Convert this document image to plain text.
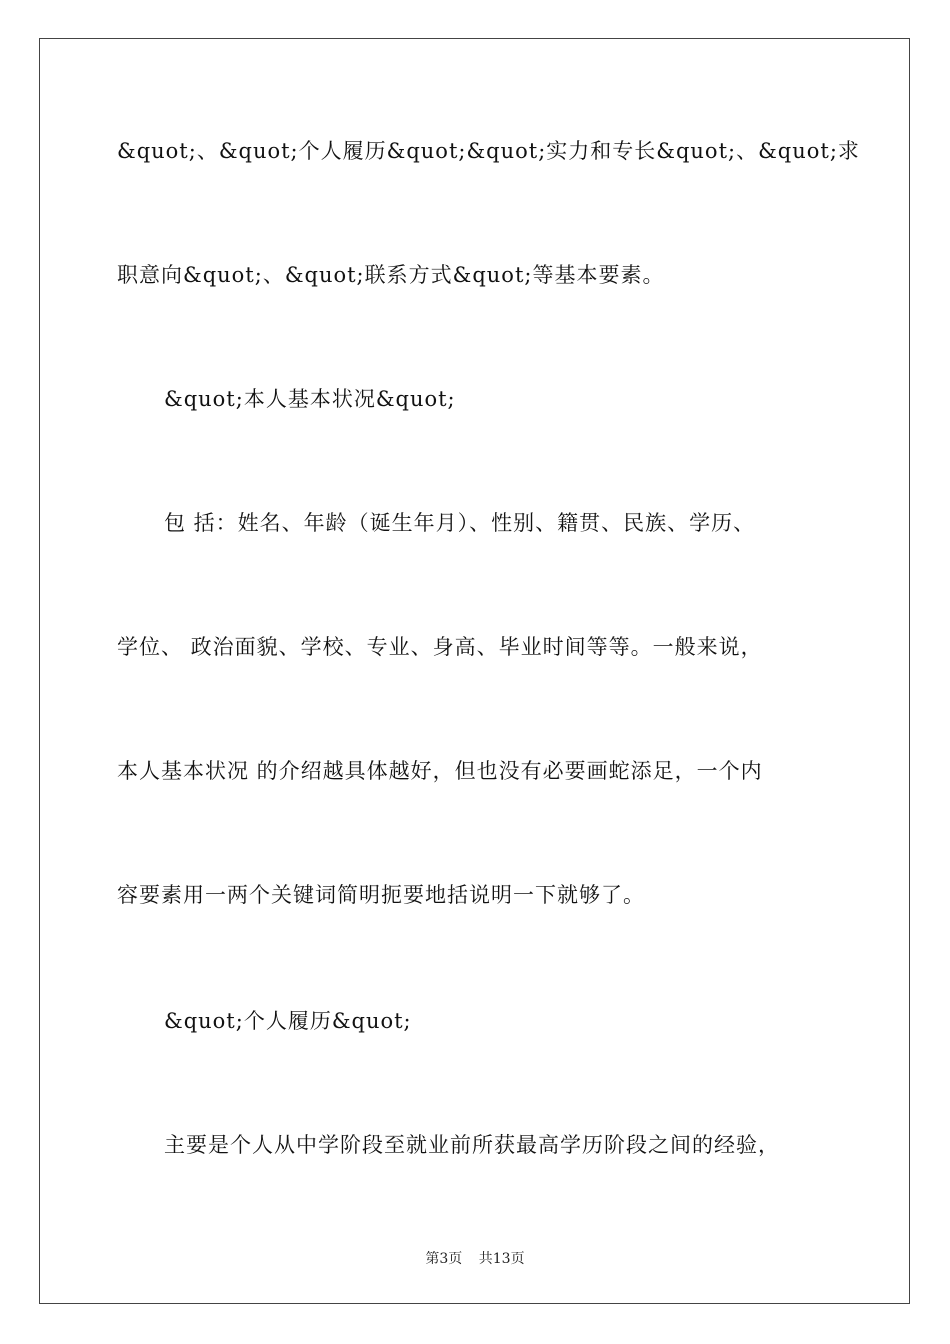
&quot;、&quot;个人履历&quot;&quot;实力和专长&quot;、&quot;求
职意向&quot;、&quot;联系方式&quot;等基本要素。
&quot;本人基本状况&quot;
包 括：姓名、年龄（诞生年月）、性别、籍贯、民族、学历、
学位、 政治面貌、学校、专业、身高、毕业时间等等。一般来说，
本人基本状况 的介绍越具体越好，但也没有必要画蛇添足，一个内
容要素用一两个关键词简明扼要地括说明一下就够了。
&quot;个人履历&quot;
主要是个人从中学阶段至就业前所获最高学历阶段之间的经验，
第3页 共13页
